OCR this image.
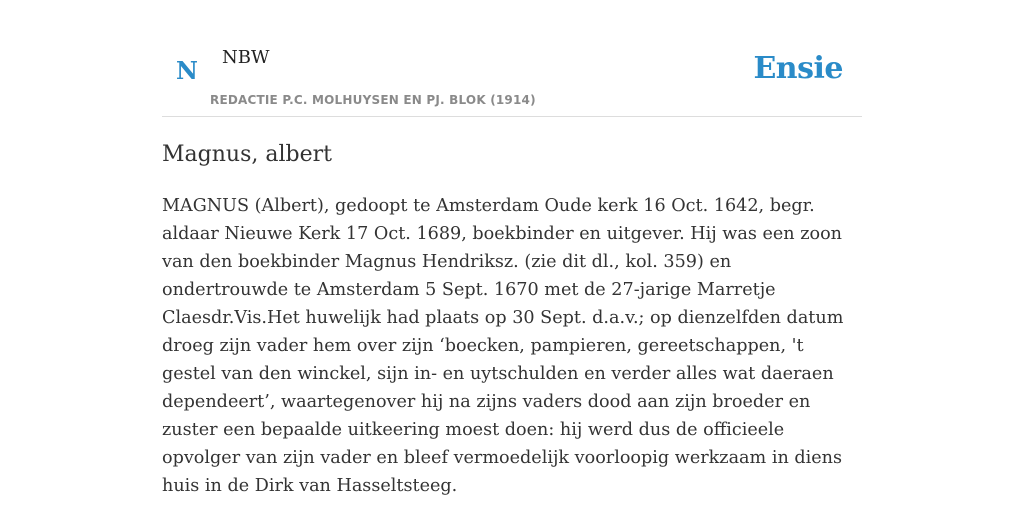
N NBW
REDACTIE P.C. MOLHUYSEN EN PJ. BLOK (1914)
Ensie
Magnus, albert

MAGNUS (Albert), gedoopt te Amsterdam Oude kerk 16 Oct. 1642, begr. aldaar Nieuwe Kerk 17 Oct. 1689, boekbinder en uitgever. Hij was een zoon van den boekbinder Magnus Hendriksz. (zie dit dl., kol. 359) en ondertrouwde te Amsterdam 5 Sept. 1670 met de 27-jarige Marretje Claesdr.Vis.Het huwelijk had plaats op 30 Sept. d.a.v.; op dienzelfden datum droeg zijn vader hem over zijn ‘boecken, pampieren, gereetschappen, 't gestel van den winckel, sijn in- en uytschulden en verder alles wat daeraen dependeert’, waartegenover hij na zijns vaders dood aan zijn broeder en zuster een bepaalde uitkeering moest doen: hij werd dus de officieele opvolger van zijn vader en bleef vermoedelijk voorloopig werkzaam in diens huis in de Dirk van Hasseltsteeg.
